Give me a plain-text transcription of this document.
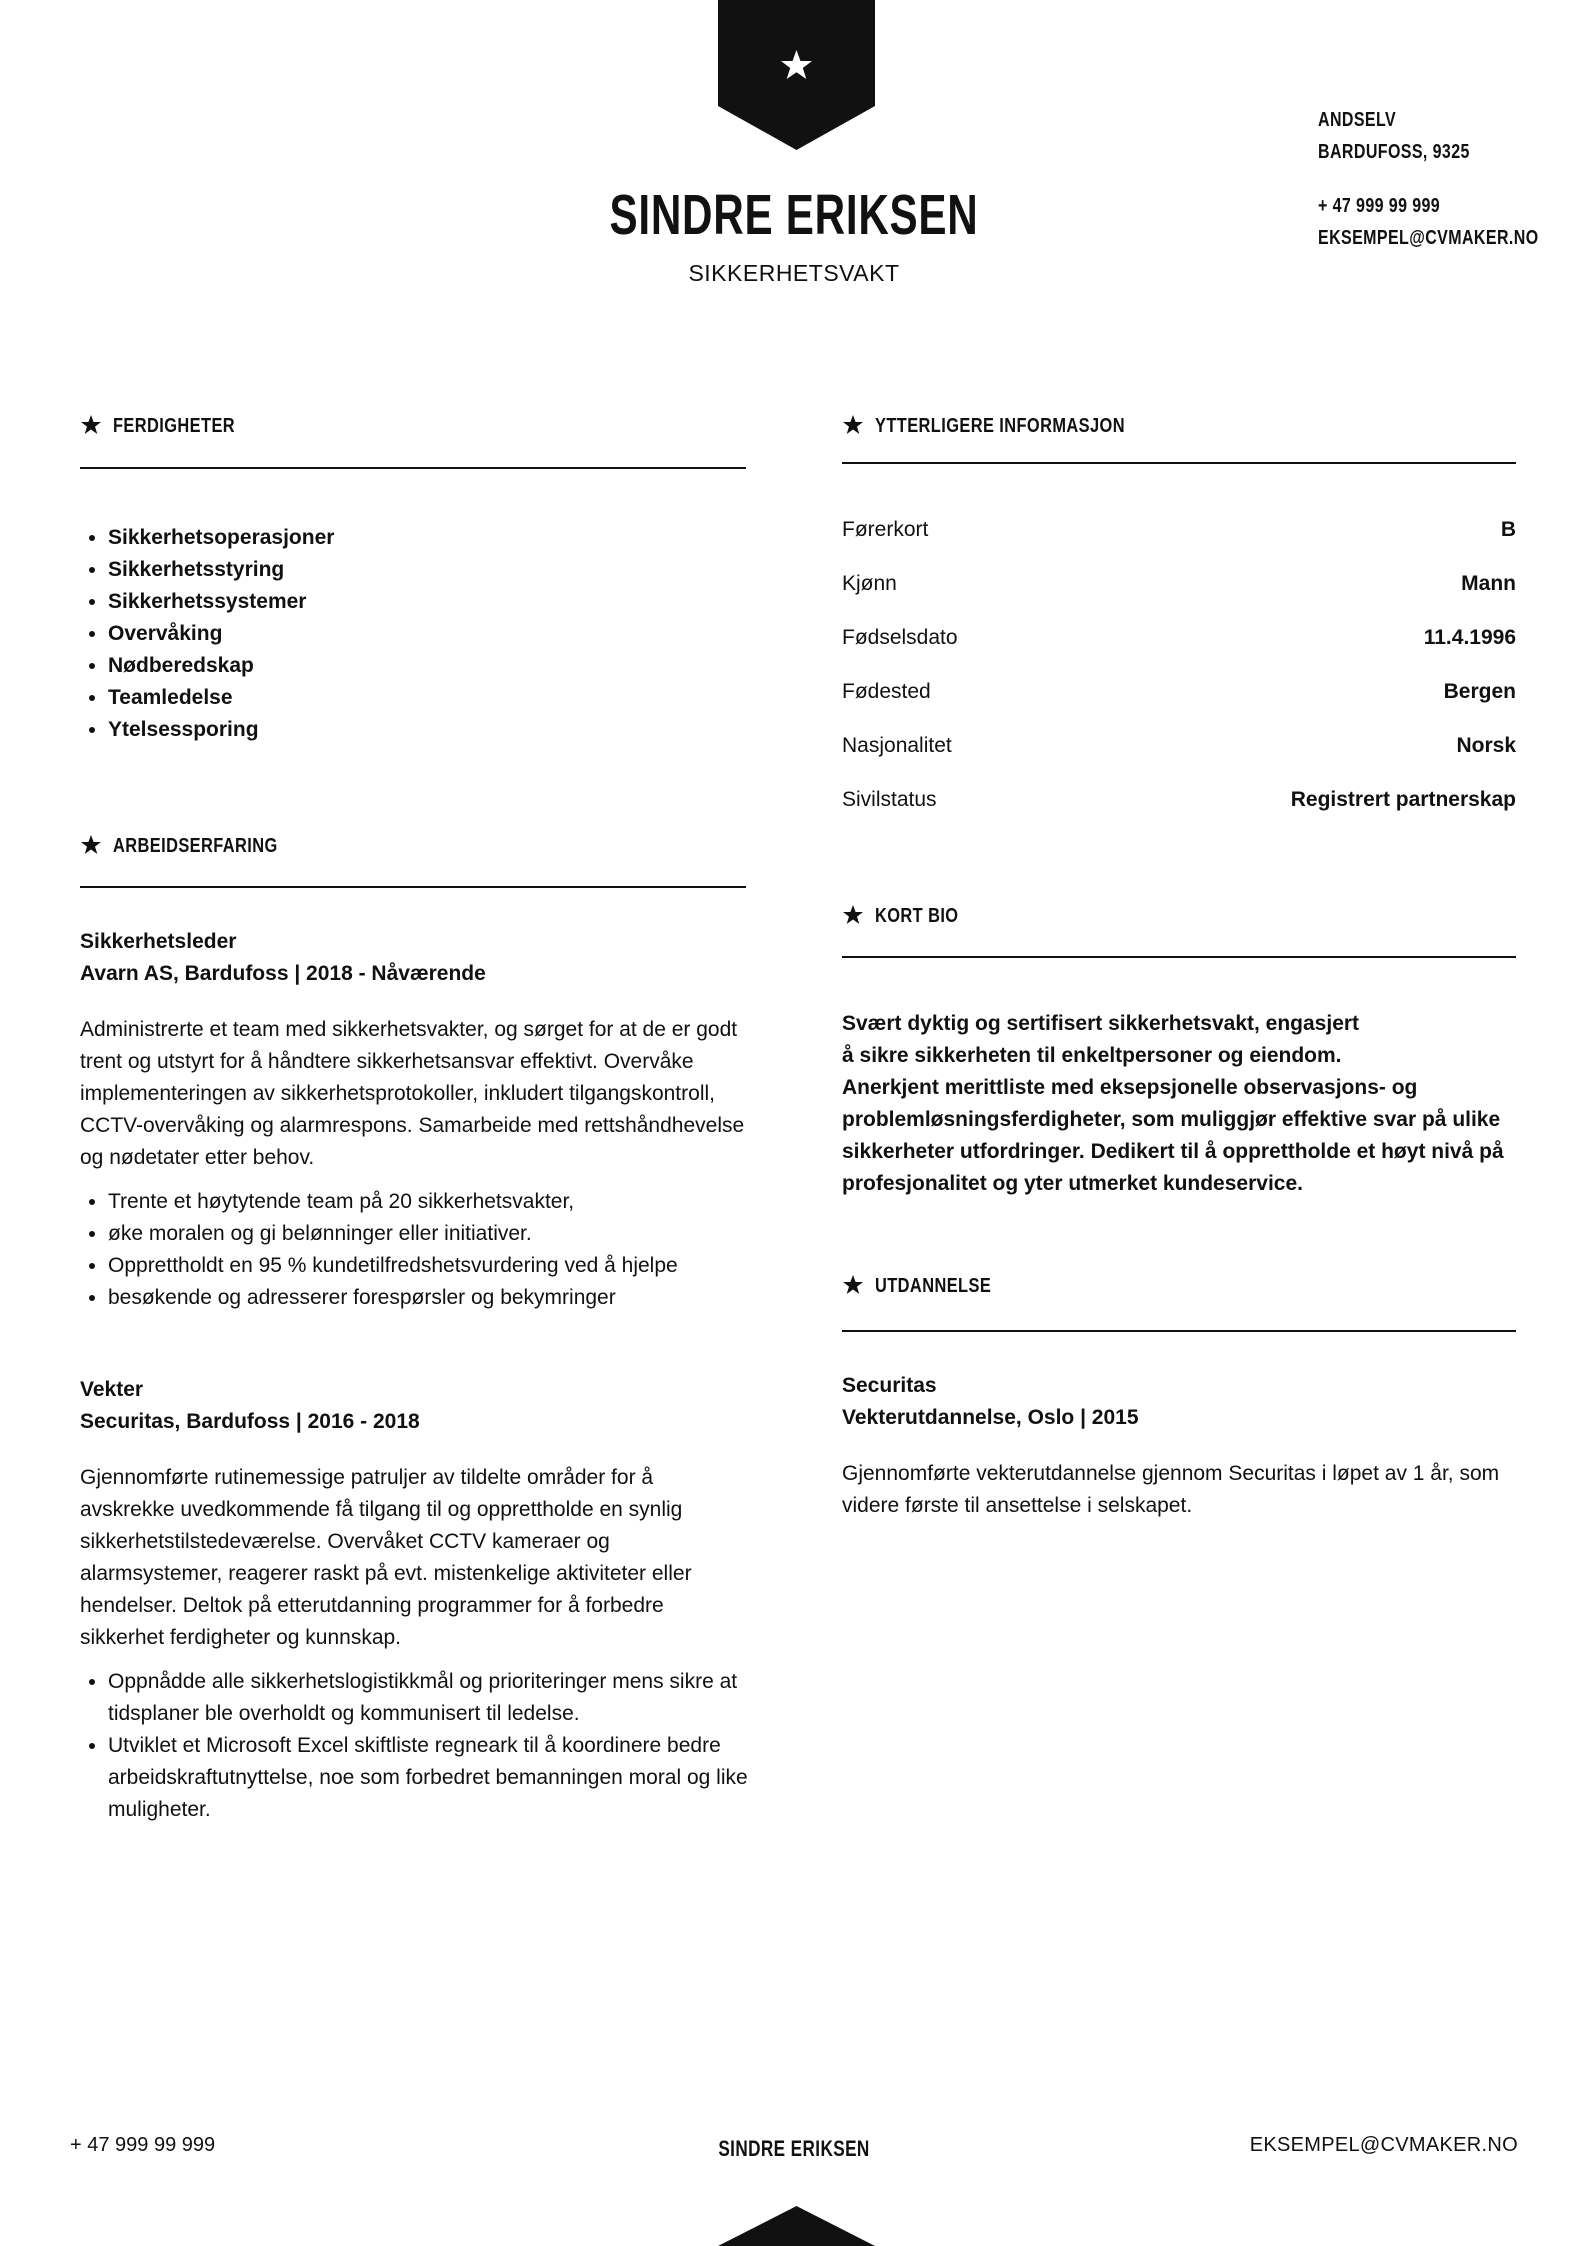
SINDRE ERIKSEN
SIKKERHETSVAKT
ANDSELV
BARDUFOSS, 9325
+ 47 999 99 999
EKSEMPEL@CVMAKER.NO
FERDIGHETER
• Sikkerhetsoperasjoner
• Sikkerhetsstyring
• Sikkerhetssystemer
• Overvåking
• Nødberedskap
• Teamledelse
• Ytelsessporing
ARBEIDSERFARING
Sikkerhetsleder
Avarn AS, Bardufoss | 2018 - Nåværende
Administrerte et team med sikkerhetsvakter, og sørget for at de er godt trent og utstyrt for å håndtere sikkerhetsansvar effektivt. Overvåke implementeringen av sikkerhetsprotokoller, inkludert tilgangskontroll, CCTV-overvåking og alarmrespons. Samarbeide med rettshåndhevelse og nødetater etter behov.
• Trente et høytytende team på 20 sikkerhetsvakter,
• øke moralen og gi belønninger eller initiativer.
• Opprettholdt en 95 % kundetilfredshetsvurdering ved å hjelpe
• besøkende og adresserer forespørsler og bekymringer
Vekter
Securitas, Bardufoss | 2016 - 2018
Gjennomførte rutinemessige patruljer av tildelte områder for å avskrekke uvedkommende få tilgang til og opprettholde en synlig sikkerhetstilstedeværelse. Overvåket CCTV kameraer og alarmsystemer, reagerer raskt på evt. mistenkelige aktiviteter eller hendelser. Deltok på etterutdanning programmer for å forbedre sikkerhet ferdigheter og kunnskap.
• Oppnådde alle sikkerhetslogistikkmål og prioriteringer mens sikre at tidsplaner ble overholdt og kommunisert til ledelse.
• Utviklet et Microsoft Excel skiftliste regneark til å koordinere bedre arbeidskraftutnyttelse, noe som forbedret bemanningen moral og like muligheter.
YTTERLIGERE INFORMASJON
Førerkort	B
Kjønn	Mann
Fødselsdato	11.4.1996
Fødested	Bergen
Nasjonalitet	Norsk
Sivilstatus	Registrert partnerskap
KORT BIO
Svært dyktig og sertifisert sikkerhetsvakt, engasjert
å sikre sikkerheten til enkeltpersoner og eiendom.
Anerkjent merittliste med eksepsjonelle observasjons- og problemløsningsferdigheter, som muliggjør effektive svar på ulike sikkerheter utfordringer. Dedikert til å opprettholde et høyt nivå på profesjonalitet og yter utmerket kundeservice.
UTDANNELSE
Securitas
Vekterutdannelse, Oslo | 2015
Gjennomførte vekterutdannelse gjennom Securitas i løpet av 1 år, som videre første til ansettelse i selskapet.
+ 47 999 99 999	SINDRE ERIKSEN	EKSEMPEL@CVMAKER.NO
